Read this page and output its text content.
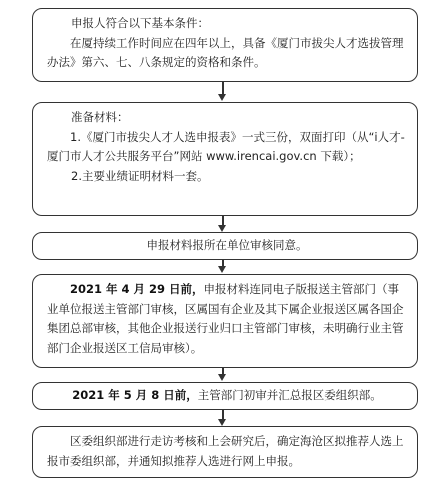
申报人符合以下基本条件：

在厦持续工作时间应在四年以上，具备《厦门市拔尖人才选拔管理办法》第六、七、八条规定的资格和条件。

准备材料：

1.《厦门市拔尖人才人选申报表》一式三份，双面打印（从“i人才-厦门市人才公共服务平台”网站 www.irencai.gov.cn 下载）；

2.主要业绩证明材料一套。

申报材料报所在单位审核同意。

2021 年 4 月 29 日前，申报材料连同电子版报送主管部门（事业单位报送主管部门审核，区属国有企业及其下属企业报送区属各国企集团总部审核，其他企业报送行业归口主管部门审核，未明确行业主管部门企业报送区工信局审核）。

2021 年 5 月 8 日前，主管部门初审并汇总报区委组织部。

区委组织部进行走访考核和上会研究后，确定海沧区拟推荐人选上报市委组织部，并通知拟推荐人选进行网上申报。
